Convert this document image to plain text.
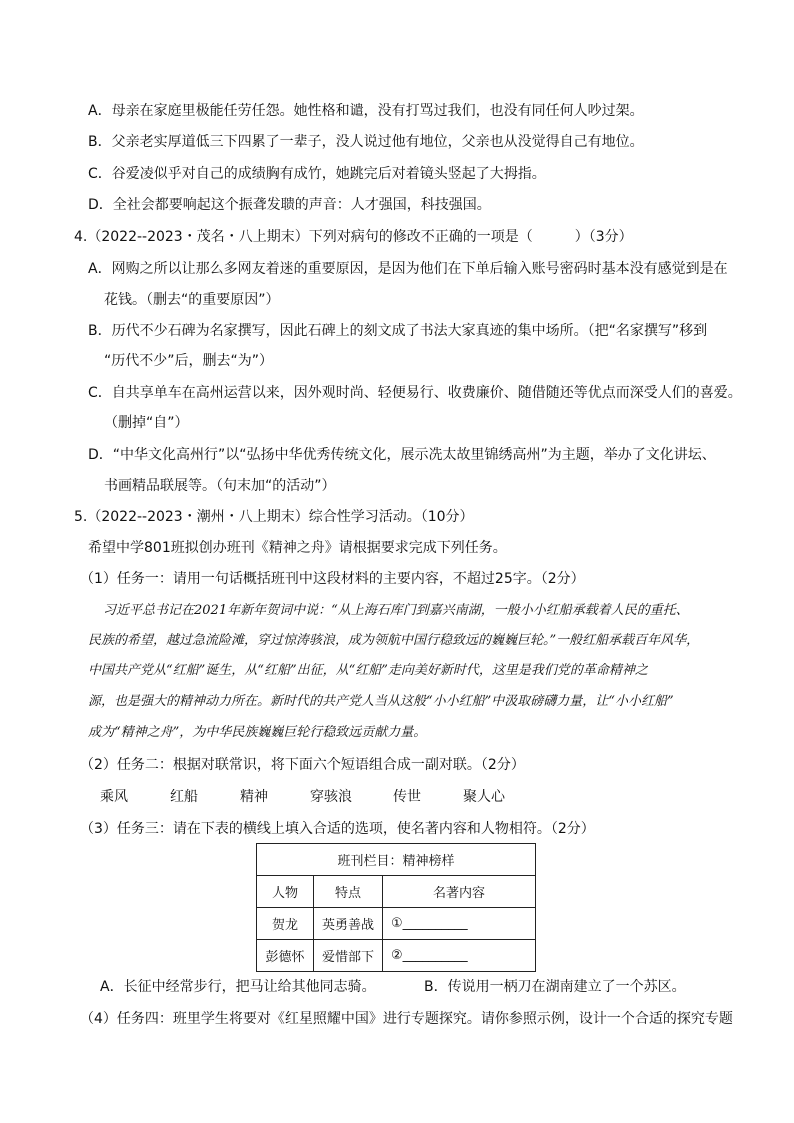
A．母亲在家庭里极能任劳任怨。她性格和谴，没有打骂过我们，也没有同任何人吵过架。
B．父亲老实厚道低三下四累了一辈子，没人说过他有地位，父亲也从没觉得自己有地位。
C．谷爱凌似乎对自己的成绩胸有成竹，她跳完后对着镜头竖起了大拇指。
D．全社会都要响起这个振聋发聩的声音：人才强国，科技强国。
4.（2022--2023・茂名・八上期末）下列对病句的修改不正确的一项是（　　　）（3分）
A．网购之所以让那么多网友着迷的重要原因，是因为他们在下单后输入账号密码时基本没有感觉到是在
花钱。（删去“的重要原因”）
B．历代不少石碑为名家撰写，因此石碑上的刻文成了书法大家真迹的集中场所。（把“名家撰写”移到
“历代不少”后，删去“为”）
C．自共享单车在高州运营以来，因外观时尚、轻便易行、收费廉价、随借随还等优点而深受人们的喜爱。
（删掉“自”）
D．“中华文化高州行”以“弘扬中华优秀传统文化，展示冼太故里锦绣高州”为主题，举办了文化讲坛、
书画精品联展等。（句末加“的活动”）
5.（2022--2023・潮州・八上期末）综合性学习活动。（10分）
希望中学801班拟创办班刊《精神之舟》请根据要求完成下列任务。
（1）任务一：请用一句话概括班刊中这段材料的主要内容，不超过25字。（2分）
习近平总书记在2021年新年贺词中说：“从上海石库门到嘉兴南湖，一般小小红船承载着人民的重托、
民族的希望，越过急流险滩，穿过惊涛骇浪，成为领航中国行稳致远的巍巍巨轮。”一般红船承载百年风华，
中国共产党从“红船”诞生，从“红船”出征，从“红船”走向美好新时代，这里是我们党的革命精神之
源，也是强大的精神动力所在。新时代的共产党人当从这般“小小红船”中汲取磅礴力量，让“小小红船”
成为“精神之舟”，为中华民族巍巍巨轮行稳致远贡献力量。
（2）任务二：根据对联常识，将下面六个短语组合成一副对联。（2分）
乘风	红船	精神	穿骇浪	传世	聚人心
（3）任务三：请在下表的横线上填入合适的选项，使名著内容和人物相符。（2分）
班刊栏目：精神榜样		
人物	特点	名著内容
贺龙	英勇善战	①__________
彭德怀	爱惜部下	②__________
A．长征中经常步行，把马让给其他同志骑。	B．传说用一柄刀在湖南建立了一个苏区。
（4）任务四：班里学生将要对《红星照耀中国》进行专题探究。请你参照示例，设计一个合适的探究专题
